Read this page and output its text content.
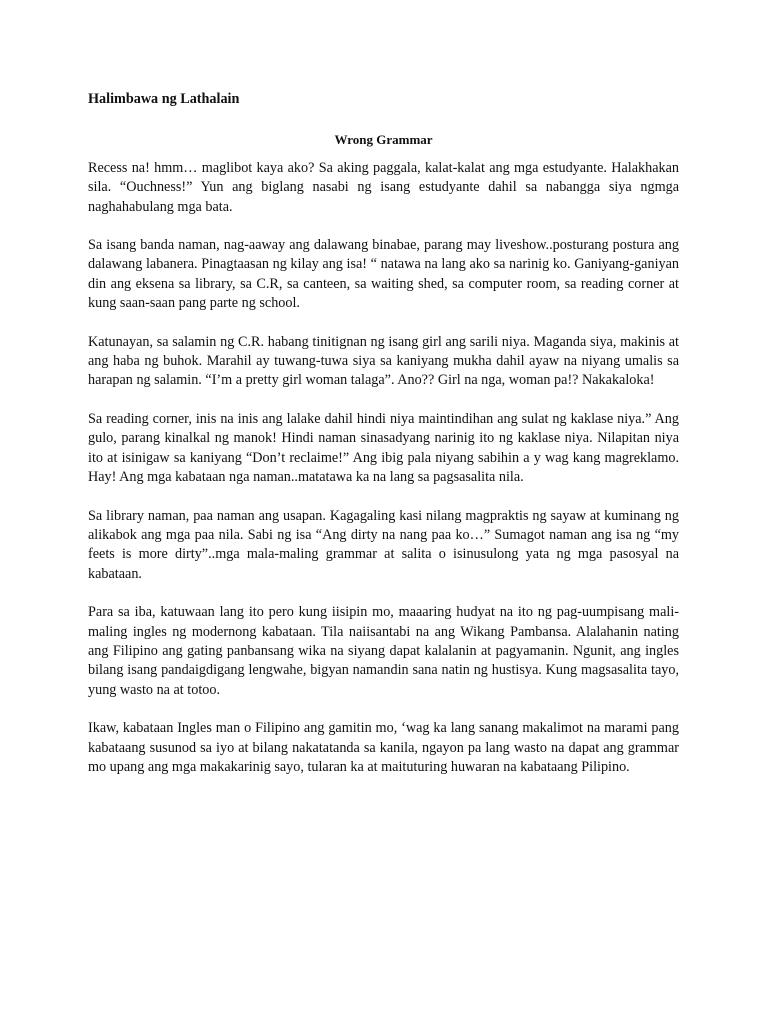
Halimbawa ng Lathalain
Wrong Grammar

Recess na! hmm… maglibot kaya ako? Sa aking paggala, kalat-kalat ang mga estudyante. Halakhakan sila. “Ouchness!” Yun ang biglang nasabi ng isang estudyante dahil sa nabangga siya ngmga naghahabulang mga bata.

Sa isang banda naman, nag-aaway ang dalawang binabae, parang may liveshow..posturang postura ang dalawang labanera. Pinagtaasan ng kilay ang isa! “ natawa na lang ako sa narinig ko. Ganiyang-ganiyan din ang eksena sa library, sa C.R, sa canteen, sa waiting shed, sa computer room, sa reading corner at kung saan-saan pang parte ng school.

Katunayan, sa salamin ng C.R. habang tinitignan ng isang girl ang sarili niya. Maganda siya, makinis at ang haba ng buhok. Marahil ay tuwang-tuwa siya sa kaniyang mukha dahil ayaw na niyang umalis sa harapan ng salamin. “I’m a pretty girl woman talaga”. Ano?? Girl na nga, woman pa!? Nakakaloka!

Sa reading corner, inis na inis ang lalake dahil hindi niya maintindihan ang sulat ng kaklase niya.” Ang gulo, parang kinalkal ng manok! Hindi naman sinasadyang narinig ito ng kaklase niya. Nilapitan niya ito at isinigaw sa kaniyang “Don’t reclaime!” Ang ibig pala niyang sabihin a y wag kang magreklamo. Hay! Ang mga kabataan nga naman..matatawa ka na lang sa pagsasalita nila.

Sa library naman, paa naman ang usapan. Kagagaling kasi nilang magpraktis ng sayaw at kuminang ng alikabok ang mga paa nila. Sabi ng isa “Ang dirty na nang paa ko…” Sumagot naman ang isa ng “my feets is more dirty”..mga mala-maling grammar at salita o isinusulong yata ng mga pasosyal na kabataan.

Para sa iba, katuwaan lang ito pero kung iisipin mo, maaaring hudyat na ito ng pag-uumpisang mali-maling ingles ng modernong kabataan. Tila naiisantabi na ang Wikang Pambansa. Alalahanin nating ang Filipino ang gating panbansang wika na siyang dapat kalalanin at pagyamanin. Ngunit, ang ingles bilang isang pandaigdigang lengwahe, bigyan namandin sana natin ng hustisya. Kung magsasalita tayo, yung wasto na at totoo.

Ikaw, kabataan Ingles man o Filipino ang gamitin mo, ‘wag ka lang sanang makalimot na marami pang kabataang susunod sa iyo at bilang nakatatanda sa kanila, ngayon pa lang wasto na dapat ang grammar mo upang ang mga makakarinig sayo, tularan ka at maituturing huwaran na kabataang Pilipino.
